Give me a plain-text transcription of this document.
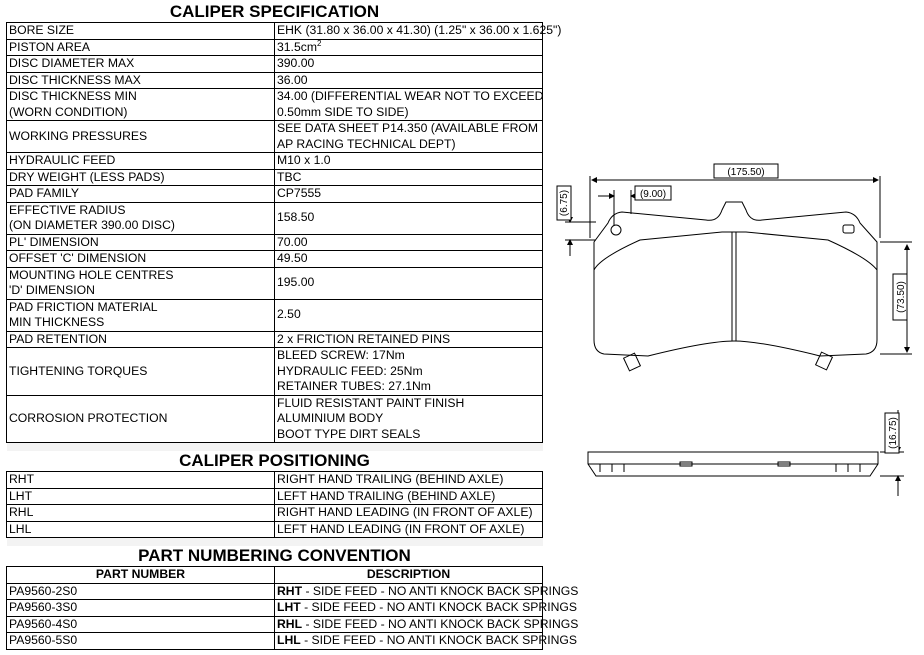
CALIPER SPECIFICATION	

BORE SIZE	EHK (31.80 x 36.00 x 41.30) (1.25" x 36.00 x 1.625")

PISTON AREA	$31.5cm^2$

DISC DIAMETER MAX	390.00

DISC THICKNESS MAX	36.00

DISC THICKNESS MIN
(WORN CONDITION)	34.00 (DIFFERENTIAL WEAR NOT TO EXCEED
0.50mm SIDE TO SIDE)

WORKING PRESSURES	SEE DATA SHEET P14.350 (AVAILABLE FROM
AP RACING TECHNICAL DEPT)

HYDRAULIC FEED	M10 x 1.0

DRY WEIGHT (LESS PADS)	TBC

PAD FAMILY	CP7555

EFFECTIVE RADIUS
(ON DIAMETER 390.00 DISC)	158.50

PL' DIMENSION	70.00

OFFSET 'C' DIMENSION	49.50

MOUNTING HOLE CENTRES
'D' DIMENSION	195.00

PAD FRICTION MATERIAL
MIN THICKNESS	2.50

PAD RETENTION	2 x FRICTION RETAINED PINS

TIGHTENING TORQUES	BLEED SCREW: 17Nm
HYDRAULIC FEED: 25Nm
RETAINER TUBES: 27.1Nm

CORROSION PROTECTION	FLUID RESISTANT PAINT FINISH
ALUMINIUM BODY
BOOT TYPE DIRT SEALS

CALIPER POSITIONING	
RHT	RIGHT HAND TRAILING (BEHIND AXLE)
LHT	LEFT HAND TRAILING (BEHIND AXLE)
RHL	RIGHT HAND LEADING (IN FRONT OF AXLE)
LHL	LEFT HAND LEADING (IN FRONT OF AXLE)

PART NUMBERING CONVENTION	
PART NUMBER	DESCRIPTION
PA9560-2S0	RHT - SIDE FEED - NO ANTI KNOCK BACK SPRINGS
PA9560-3S0	LHT - SIDE FEED - NO ANTI KNOCK BACK SPRINGS
PA9560-4S0	RHL - SIDE FEED - NO ANTI KNOCK BACK SPRINGS
PA9560-5S0	LHL - SIDE FEED - NO ANTI KNOCK BACK SPRINGS
(175.50)
(9.00)
(6.75)
(73.50)
(16.75)
